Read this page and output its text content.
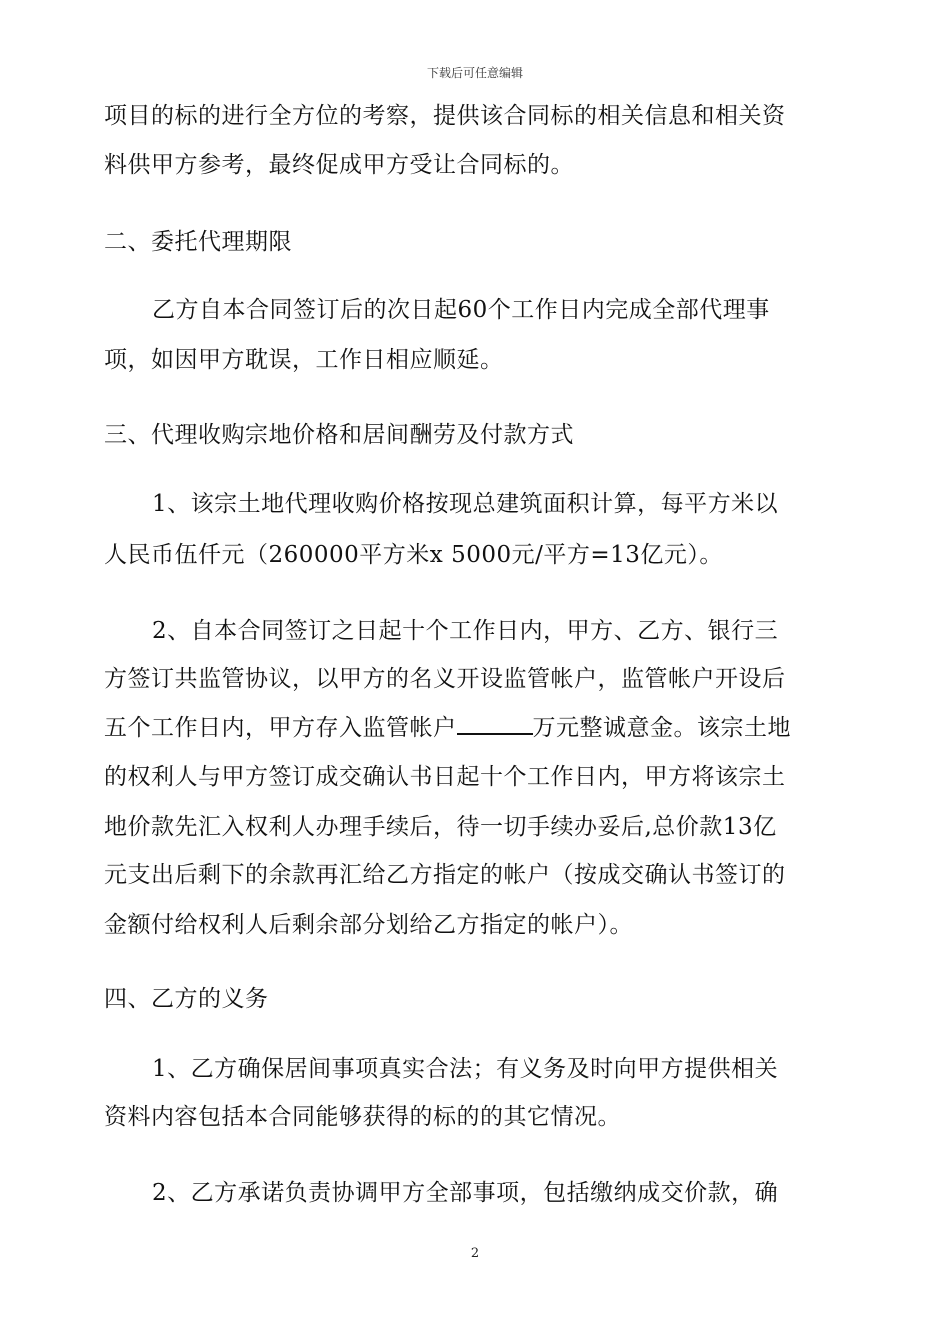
下载后可任意编辑
项目的标的进行全方位的考察，提供该合同标的相关信息和相关资
料供甲方参考，最终促成甲方受让合同标的。
二、委托代理期限
乙方自本合同签订后的次日起60个工作日内完成全部代理事
项，如因甲方耽误，工作日相应顺延。
三、代理收购宗地价格和居间酬劳及付款方式
1、该宗土地代理收购价格按现总建筑面积计算，每平方米以
人民币伍仟元（260000平方米x 5000元/平方=13亿元）。
2、自本合同签订之日起十个工作日内，甲方、乙方、银行三
方签订共监管协议，以甲方的名义开设监管帐户，监管帐户开设后
五个工作日内，甲方存入监管帐户	万元整诚意金。该宗土地
的权利人与甲方签订成交确认书日起十个工作日内，甲方将该宗土
地价款先汇入权利人办理手续后，待一切手续办妥后,总价款13亿
元支出后剩下的余款再汇给乙方指定的帐户（按成交确认书签订的
金额付给权利人后剩余部分划给乙方指定的帐户）。
四、乙方的义务
1、乙方确保居间事项真实合法；有义务及时向甲方提供相关
资料内容包括本合同能够获得的标的的其它情况。
2、乙方承诺负责协调甲方全部事项，包括缴纳成交价款，确
2
